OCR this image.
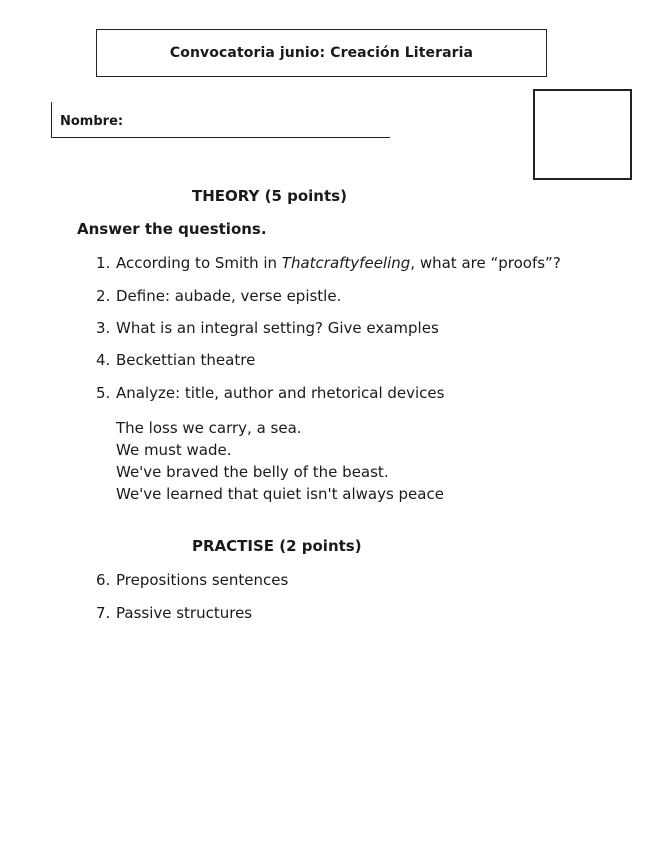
Convocatoria junio: Creación Literaria
Nombre:
THEORY (5 points)
Answer the questions.
1. According to Smith in Thatcraftyfeeling, what are “proofs”?
2. Define: aubade, verse epistle.
3. What is an integral setting? Give examples
4. Beckettian theatre
5. Analyze: title, author and rhetorical devices
The loss we carry, a sea.
We must wade.
We've braved the belly of the beast.
We've learned that quiet isn't always peace
PRACTISE (2 points)
6. Prepositions sentences
7. Passive structures
